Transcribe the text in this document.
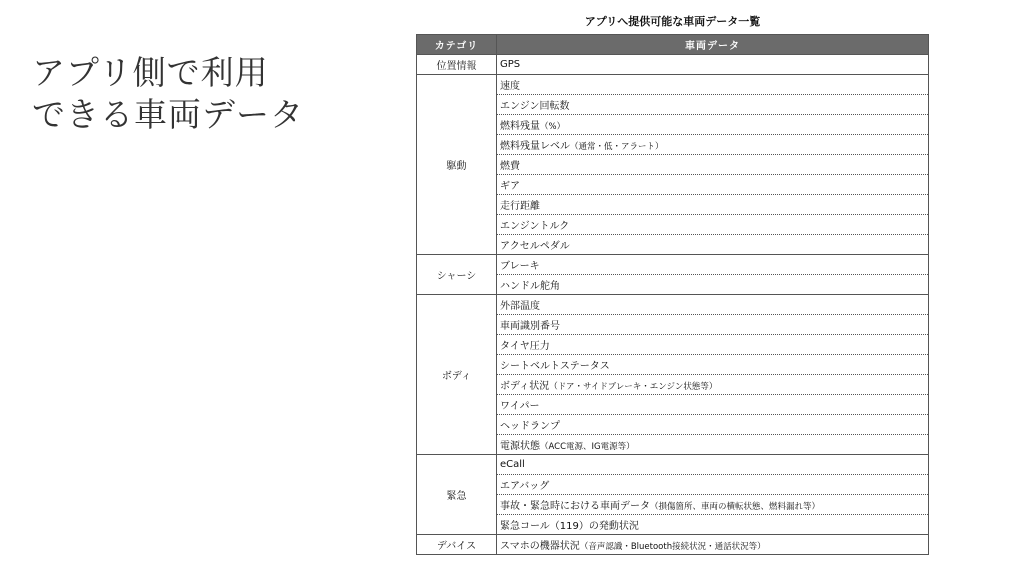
アプリ側で利用
できる車両データ
アプリへ提供可能な車両データ一覧
カテゴリ	車両データ
位置情報	GPS
駆動	速度
	エンジン回転数
	燃料残量（%）
	燃料残量レベル（通常・低・アラート）
	燃費
	ギア
	走行距離
	エンジントルク
	アクセルペダル
シャーシ	ブレーキ
	ハンドル舵角
ボディ	外部温度
	車両識別番号
	タイヤ圧力
	シートベルトステータス
	ボディ状況（ドア・サイドブレーキ・エンジン状態等）
	ワイパー
	ヘッドランプ
	電源状態（ACC電源、IG電源等）
緊急	eCall
	エアバッグ
	事故・緊急時における車両データ（損傷箇所、車両の横転状態、燃料漏れ等）
	緊急コール（119）の発動状況
デバイス	スマホの機器状況（音声認識・Bluetooth接続状況・通話状況等）
